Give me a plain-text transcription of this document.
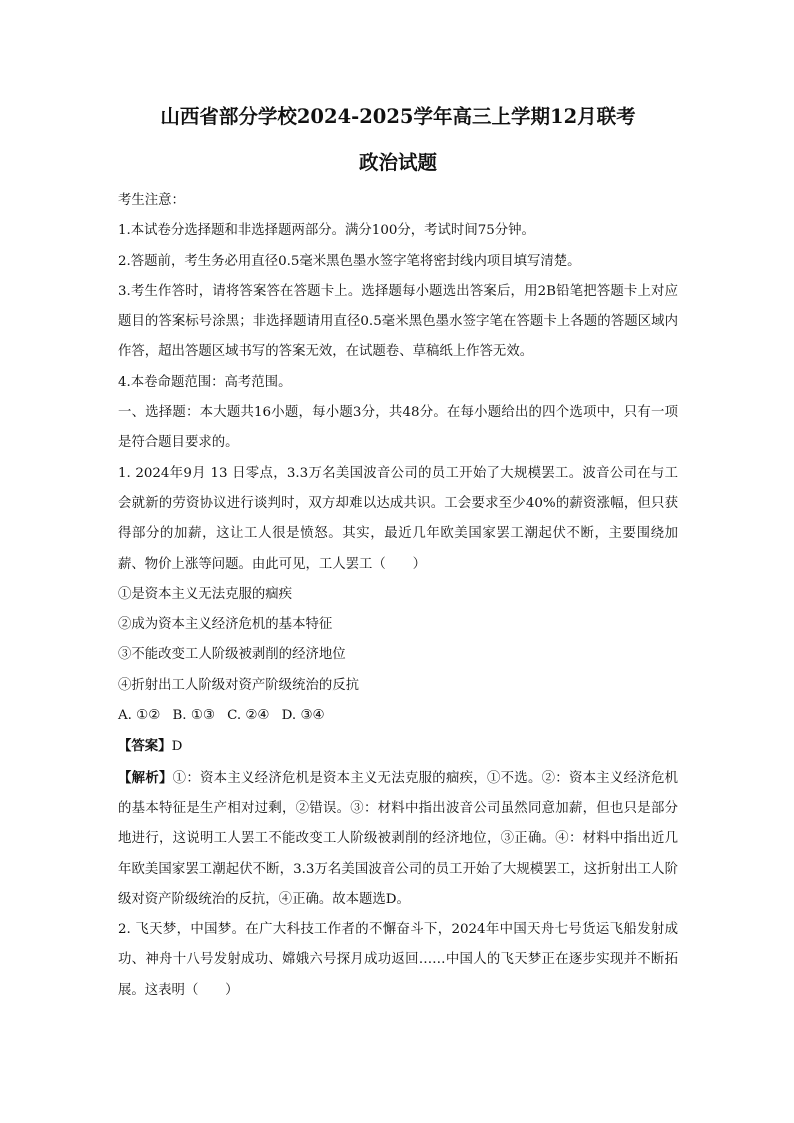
山西省部分学校2024-2025学年高三上学期12月联考

政治试题

考生注意：

1.本试卷分选择题和非选择题两部分。满分100分，考试时间75分钟。

2.答题前，考生务必用直径0.5毫米黑色墨水签字笔将密封线内项目填写清楚。

3.考生作答时，请将答案答在答题卡上。选择题每小题选出答案后，用2B铅笔把答题卡上对应题目的答案标号涂黑；非选择题请用直径0.5毫米黑色墨水签字笔在答题卡上各题的答题区域内作答，超出答题区域书写的答案无效，在试题卷、草稿纸上作答无效。

4.本卷命题范围：高考范围。

一、选择题：本大题共16小题，每小题3分，共48分。在每小题给出的四个选项中，只有一项是符合题目要求的。

1. 2024年9月 13 日零点，3.3万名美国波音公司的员工开始了大规模罢工。波音公司在与工会就新的劳资协议进行谈判时，双方却难以达成共识。工会要求至少40%的薪资涨幅，但只获得部分的加薪，这让工人很是愤怒。其实，最近几年欧美国家罢工潮起伏不断，主要围绕加薪、物价上涨等问题。由此可见，工人罢工（　　）

①是资本主义无法克服的痼疾

②成为资本主义经济危机的基本特征

③不能改变工人阶级被剥削的经济地位

④折射出工人阶级对资产阶级统治的反抗

A. ①② B. ①③ C. ②④ D. ③④

【答案】D

【解析】①：资本主义经济危机是资本主义无法克服的痼疾，①不选。②：资本主义经济危机的基本特征是生产相对过剩，②错误。③：材料中指出波音公司虽然同意加薪，但也只是部分地进行，这说明工人罢工不能改变工人阶级被剥削的经济地位，③正确。④：材料中指出近几年欧美国家罢工潮起伏不断，3.3万名美国波音公司的员工开始了大规模罢工，这折射出工人阶级对资产阶级统治的反抗，④正确。故本题选D。

2. 飞天梦，中国梦。在广大科技工作者的不懈奋斗下，2024年中国天舟七号货运飞船发射成功、神舟十八号发射成功、嫦娥六号探月成功返回……中国人的飞天梦正在逐步实现并不断拓展。这表明（　　）
